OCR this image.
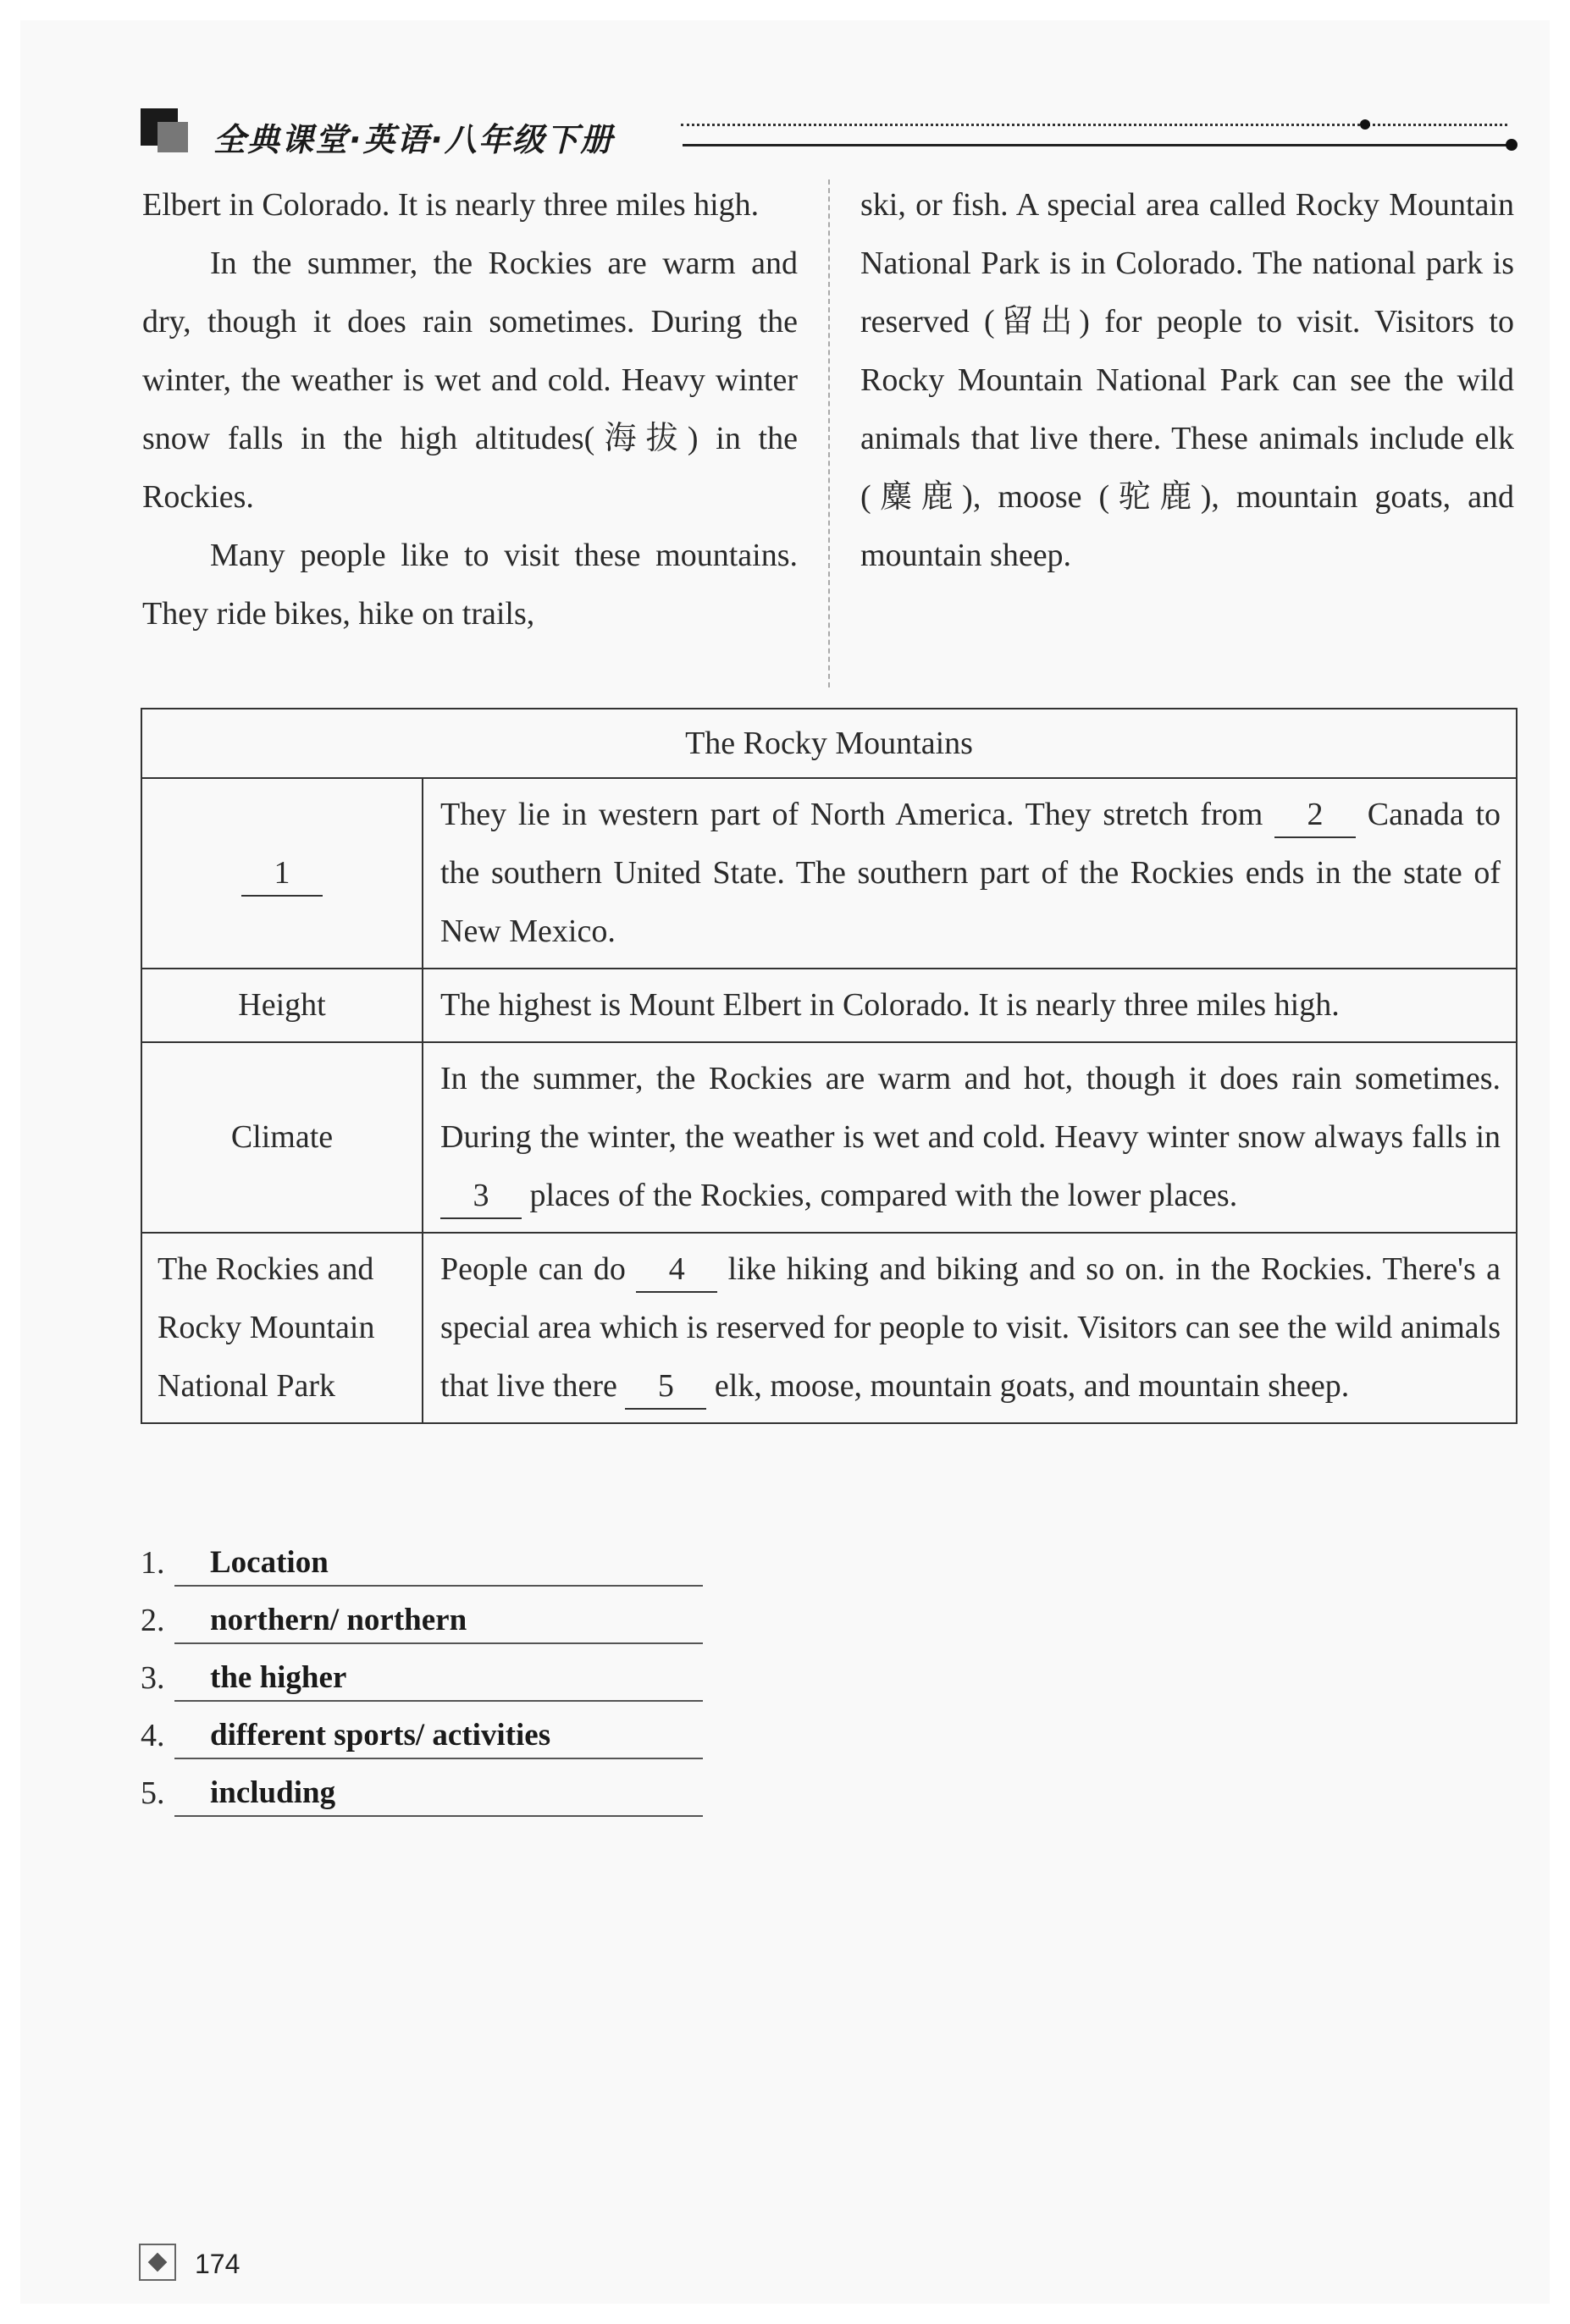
全典课堂·英语·八年级下册

Elbert in Colorado. It is nearly three miles high.

In the summer, the Rockies are warm and dry, though it does rain sometimes. During the winter, the weather is wet and cold. Heavy winter snow falls in the high altitudes(海拔) in the Rockies.

Many people like to visit these mountains. They ride bikes, hike on trails,

ski, or fish. A special area called Rocky Mountain National Park is in Colorado. The national park is reserved (留出) for people to visit. Visitors to Rocky Mountain National Park can see the wild animals that live there. These animals include elk (麋鹿), moose (驼鹿), mountain goats, and mountain sheep.

The Rocky Mountains	
1	They lie in western part of North America. They stretch from 2 Canada to the southern United State. The southern part of the Rockies ends in the state of New Mexico.
Height	The highest is Mount Elbert in Colorado. It is nearly three miles high.
Climate	In the summer, the Rockies are warm and hot, though it does rain sometimes. During the winter, the weather is wet and cold. Heavy winter snow always falls in 3 places of the Rockies, compared with the lower places.
The Rockies and Rocky Mountain National Park	People can do 4 like hiking and biking and so on. in the Rockies. There's a special area which is reserved for people to visit. Visitors can see the wild animals that live there 5 elk, moose, mountain goats, and mountain sheep.
1. Location
2. northern/ northern
3. the higher
4. different sports/ activities
5. including
174
